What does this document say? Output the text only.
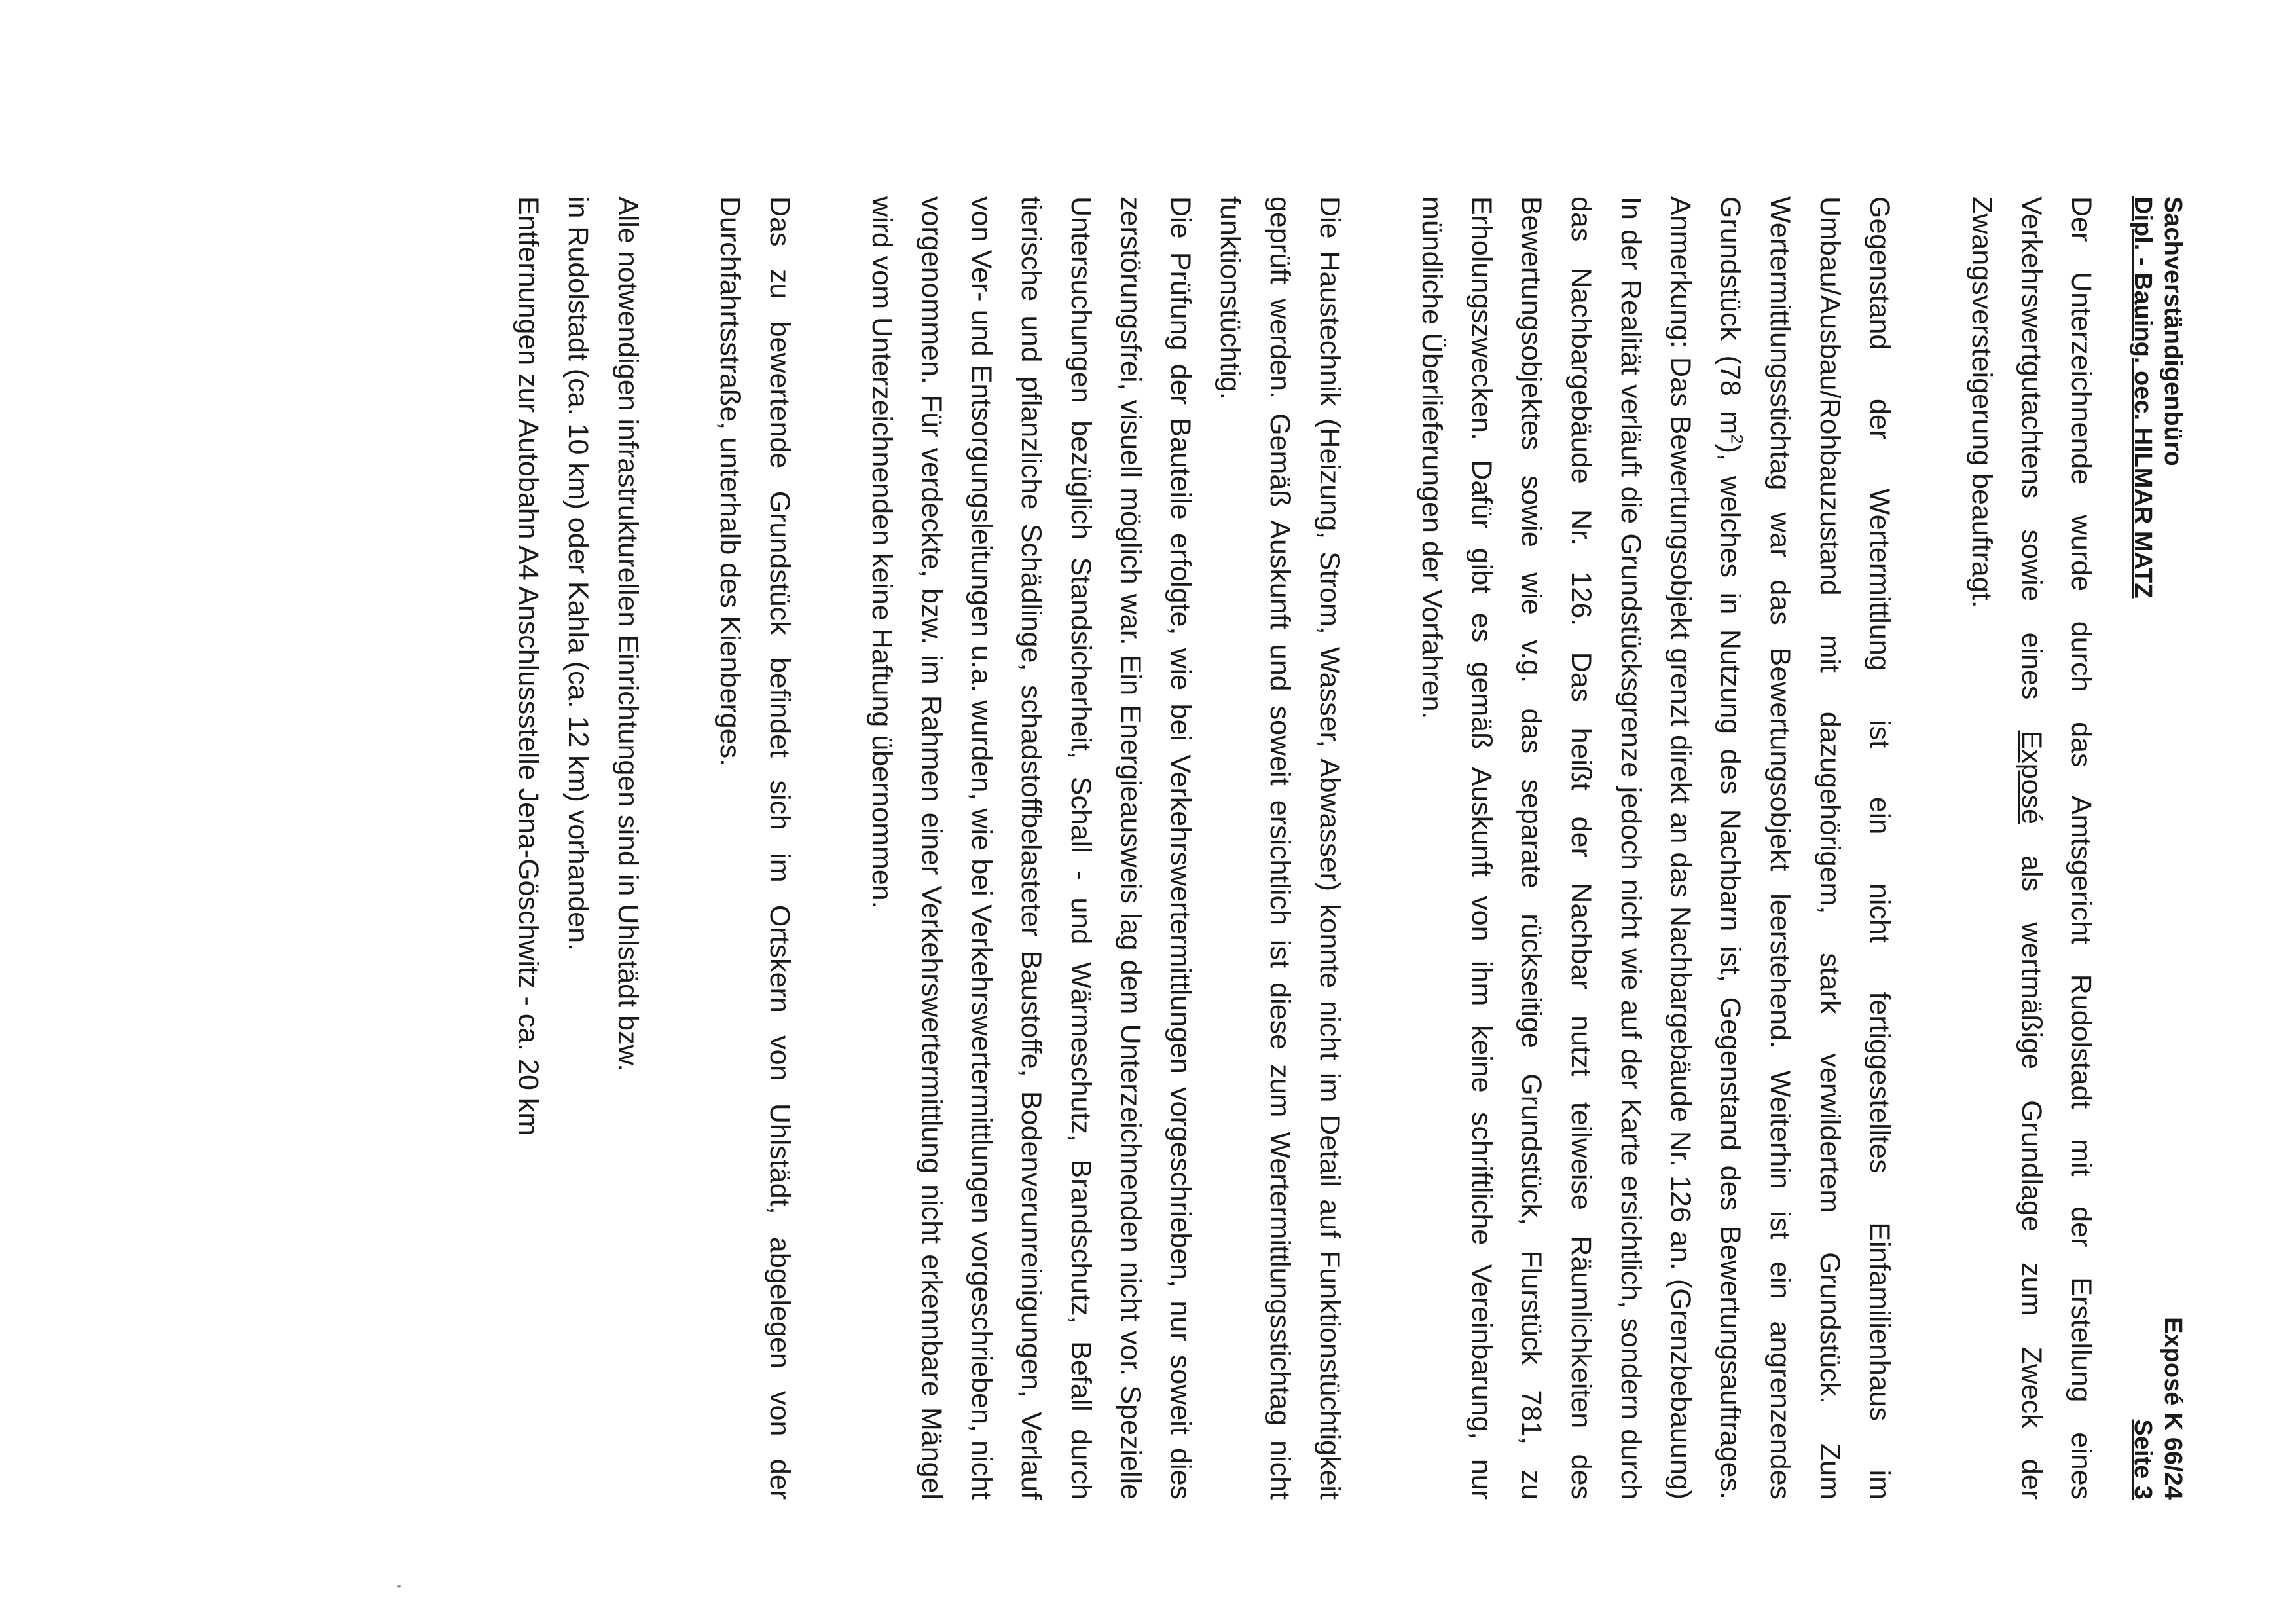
Sachverständigenbüro
Exposé K 66/24
Dipl. - Bauing. oec. HILMAR MATZ
Seite 3

Der Unterzeichnende wurde durch das Amtsgericht Rudolstadt mit der Erstellung eines Verkehrswertgutachtens sowie eines Exposé als wertmäßige Grundlage zum Zweck der Zwangsversteigerung beauftragt.

Gegenstand der Wertermittlung ist ein nicht fertiggestelltes Einfamilienhaus im Umbau/Ausbau/Rohbauzustand mit dazugehörigem, stark verwildertem Grundstück. Zum Wertermittlungsstichtag war das Bewertungsobjekt leerstehend. Weiterhin ist ein angrenzendes Grundstück (78 $m^2$), welches in Nutzung des Nachbarn ist, Gegenstand des Bewertungsauftrages. Anmerkung: Das Bewertungsobjekt grenzt direkt an das Nachbargebäude Nr. 126 an. (Grenzbebauung) In der Realität verläuft die Grundstücksgrenze jedoch nicht wie auf der Karte ersichtlich, sondern durch das Nachbargebäude Nr. 126. Das heißt der Nachbar nutzt teilweise Räumlichkeiten des Bewertungsobjektes sowie wie v.g. das separate rückseitige Grundstück, Flurstück 781, zu Erholungszwecken. Dafür gibt es gemäß Auskunft von ihm keine schriftliche Vereinbarung, nur mündliche Überlieferungen der Vorfahren.

Die Haustechnik (Heizung, Strom, Wasser, Abwasser) konnte nicht im Detail auf Funktionstüchtigkeit geprüft werden. Gemäß Auskunft und soweit ersichtlich ist diese zum Wertermittlungsstichtag nicht funktionstüchtig.
Die Prüfung der Bauteile erfolgte, wie bei Verkehrswertermittlungen vorgeschrieben, nur soweit dies zerstörungsfrei, visuell möglich war. Ein Energieausweis lag dem Unterzeichnenden nicht vor. Spezielle Untersuchungen bezüglich Standsicherheit, Schall - und Wärmeschutz, Brandschutz, Befall durch tierische und pflanzliche Schädlinge, schadstoffbelasteter Baustoffe, Bodenverunreinigungen, Verlauf von Ver- und Entsorgungsleitungen u.a. wurden, wie bei Verkehrswertermittlungen vorgeschrieben, nicht vorgenommen. Für verdeckte, bzw. im Rahmen einer Verkehrswertermittlung nicht erkennbare Mängel wird vom Unterzeichnenden keine Haftung übernommen.

Das zu bewertende Grundstück befindet sich im Ortskern von Uhlstädt, abgelegen von der Durchfahrtsstraße, unterhalb des Kienberges.

Alle notwendigen infrastrukturellen Einrichtungen sind in Uhlstädt bzw.
in Rudolstadt (ca. 10 km) oder Kahla (ca. 12 km) vorhanden.
Entfernungen zur Autobahn A4 Anschlussstelle Jena-Göschwitz - ca. 20 km
